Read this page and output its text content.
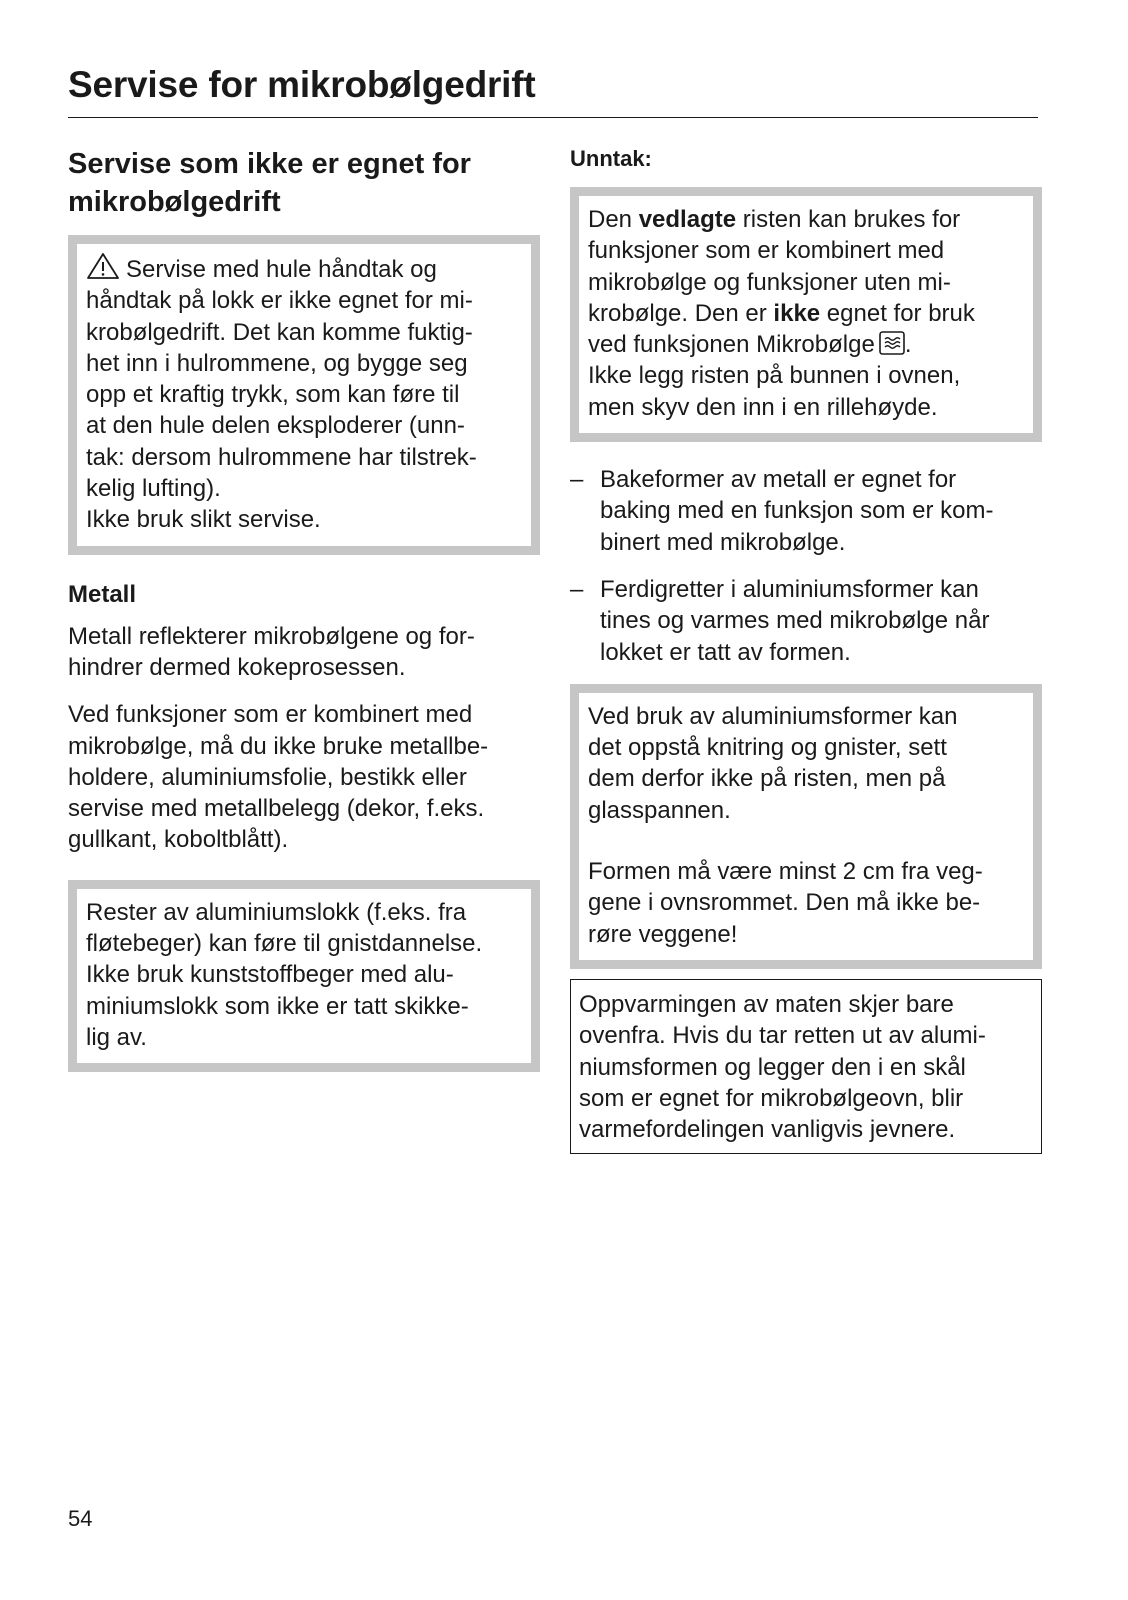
Servise for mikrobølgedrift
Servise som ikke er egnet for
mikrobølgedrift
Servise med hule håndtak og
håndtak på lokk er ikke egnet for mi-
krobølgedrift. Det kan komme fuktig-
het inn i hulrommene, og bygge seg
opp et kraftig trykk, som kan føre til
at den hule delen eksploderer (unn-
tak: dersom hulrommene har tilstrek-
kelig lufting).
Ikke bruk slikt servise.
Metall
Metall reflekterer mikrobølgene og for-
hindrer dermed kokeprosessen.
Ved funksjoner som er kombinert med
mikrobølge, må du ikke bruke metallbe-
holdere, aluminiumsfolie, bestikk eller
servise med metallbelegg (dekor, f.eks.
gullkant, koboltblått).
Rester av aluminiumslokk (f.eks. fra
fløtebeger) kan føre til gnistdannelse.
Ikke bruk kunststoffbeger med alu-
miniumslokk som ikke er tatt skikke-
lig av.
Unntak:
Den vedlagte risten kan brukes for
funksjoner som er kombinert med
mikrobølge og funksjoner uten mi-
krobølge. Den er ikke egnet for bruk
ved funksjonen Mikrobølge .
Ikke legg risten på bunnen i ovnen,
men skyv den inn i en rillehøyde.
– Bakeformer av metall er egnet for
baking med en funksjon som er kom-
binert med mikrobølge.
– Ferdigretter i aluminiumsformer kan
tines og varmes med mikrobølge når
lokket er tatt av formen.
Ved bruk av aluminiumsformer kan
det oppstå knitring og gnister, sett
dem derfor ikke på risten, men på
glasspannen.
Formen må være minst 2 cm fra veg-
gene i ovnsrommet. Den må ikke be-
røre veggene!
Oppvarmingen av maten skjer bare
ovenfra. Hvis du tar retten ut av alumi-
niumsformen og legger den i en skål
som er egnet for mikrobølgeovn, blir
varmefordelingen vanligvis jevnere.
54
